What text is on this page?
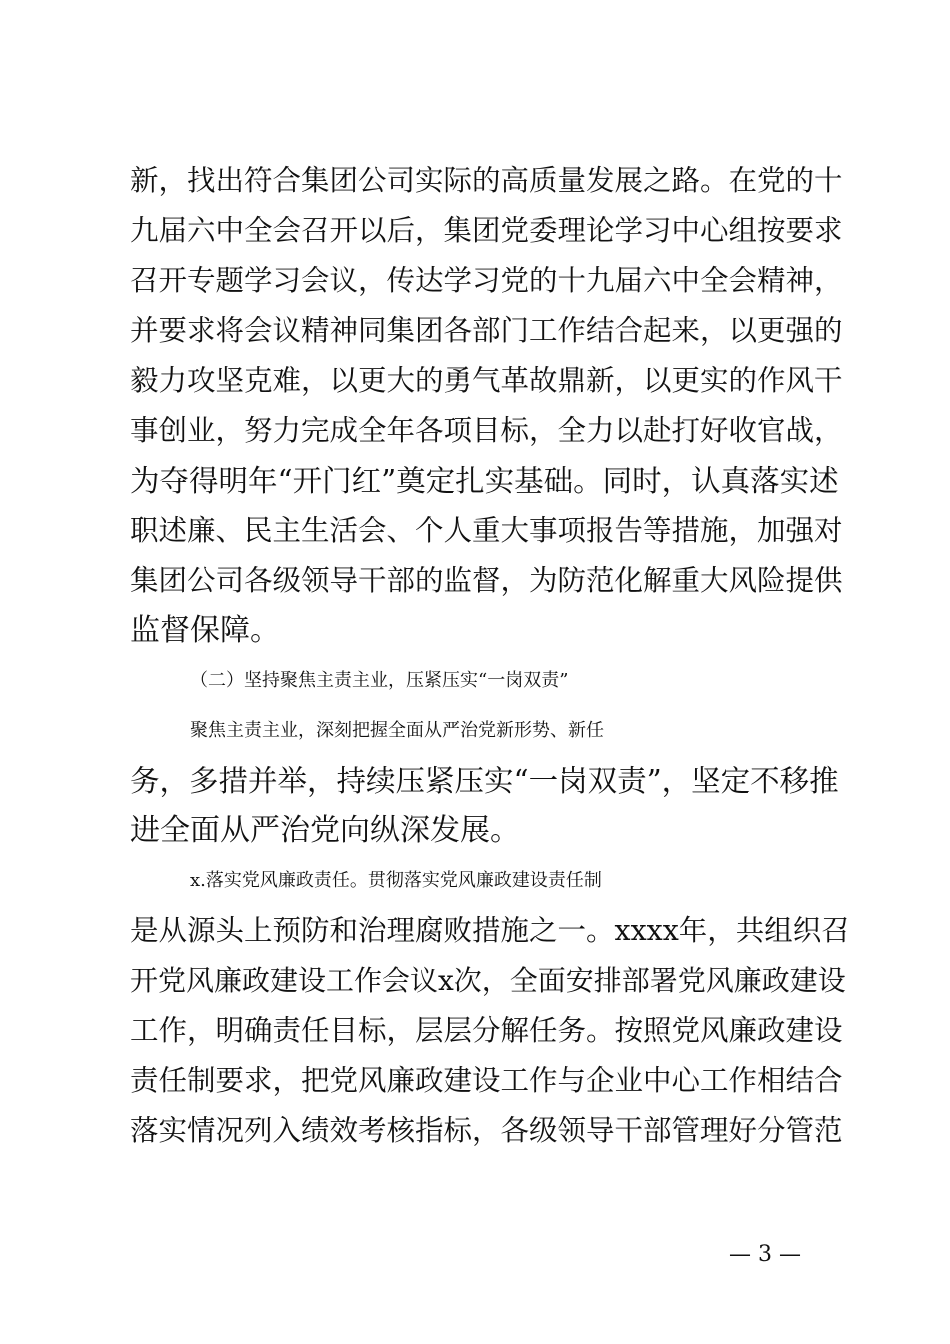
新，找出符合集团公司实际的高质量发展之路。在党的十
九届六中全会召开以后，集团党委理论学习中心组按要求
召开专题学习会议，传达学习党的十九届六中全会精神，
并要求将会议精神同集团各部门工作结合起来，以更强的
毅力攻坚克难，以更大的勇气革故鼎新，以更实的作风干
事创业，努力完成全年各项目标，全力以赴打好收官战，
为夺得明年“开门红”奠定扎实基础。同时，认真落实述
职述廉、民主生活会、个人重大事项报告等措施，加强对
集团公司各级领导干部的监督，为防范化解重大风险提供
监督保障。
（二）坚持聚焦主责主业，压紧压实“一岗双责”
聚焦主责主业，深刻把握全面从严治党新形势、新任
务，多措并举，持续压紧压实“一岗双责”，坚定不移推
进全面从严治党向纵深发展。
x.落实党风廉政责任。贯彻落实党风廉政建设责任制
是从源头上预防和治理腐败措施之一。xxxx年，共组织召
开党风廉政建设工作会议x次，全面安排部署党风廉政建设
工作，明确责任目标，层层分解任务。按照党风廉政建设
责任制要求，把党风廉政建设工作与企业中心工作相结合
落实情况列入绩效考核指标，各级领导干部管理好分管范
— 3 —
